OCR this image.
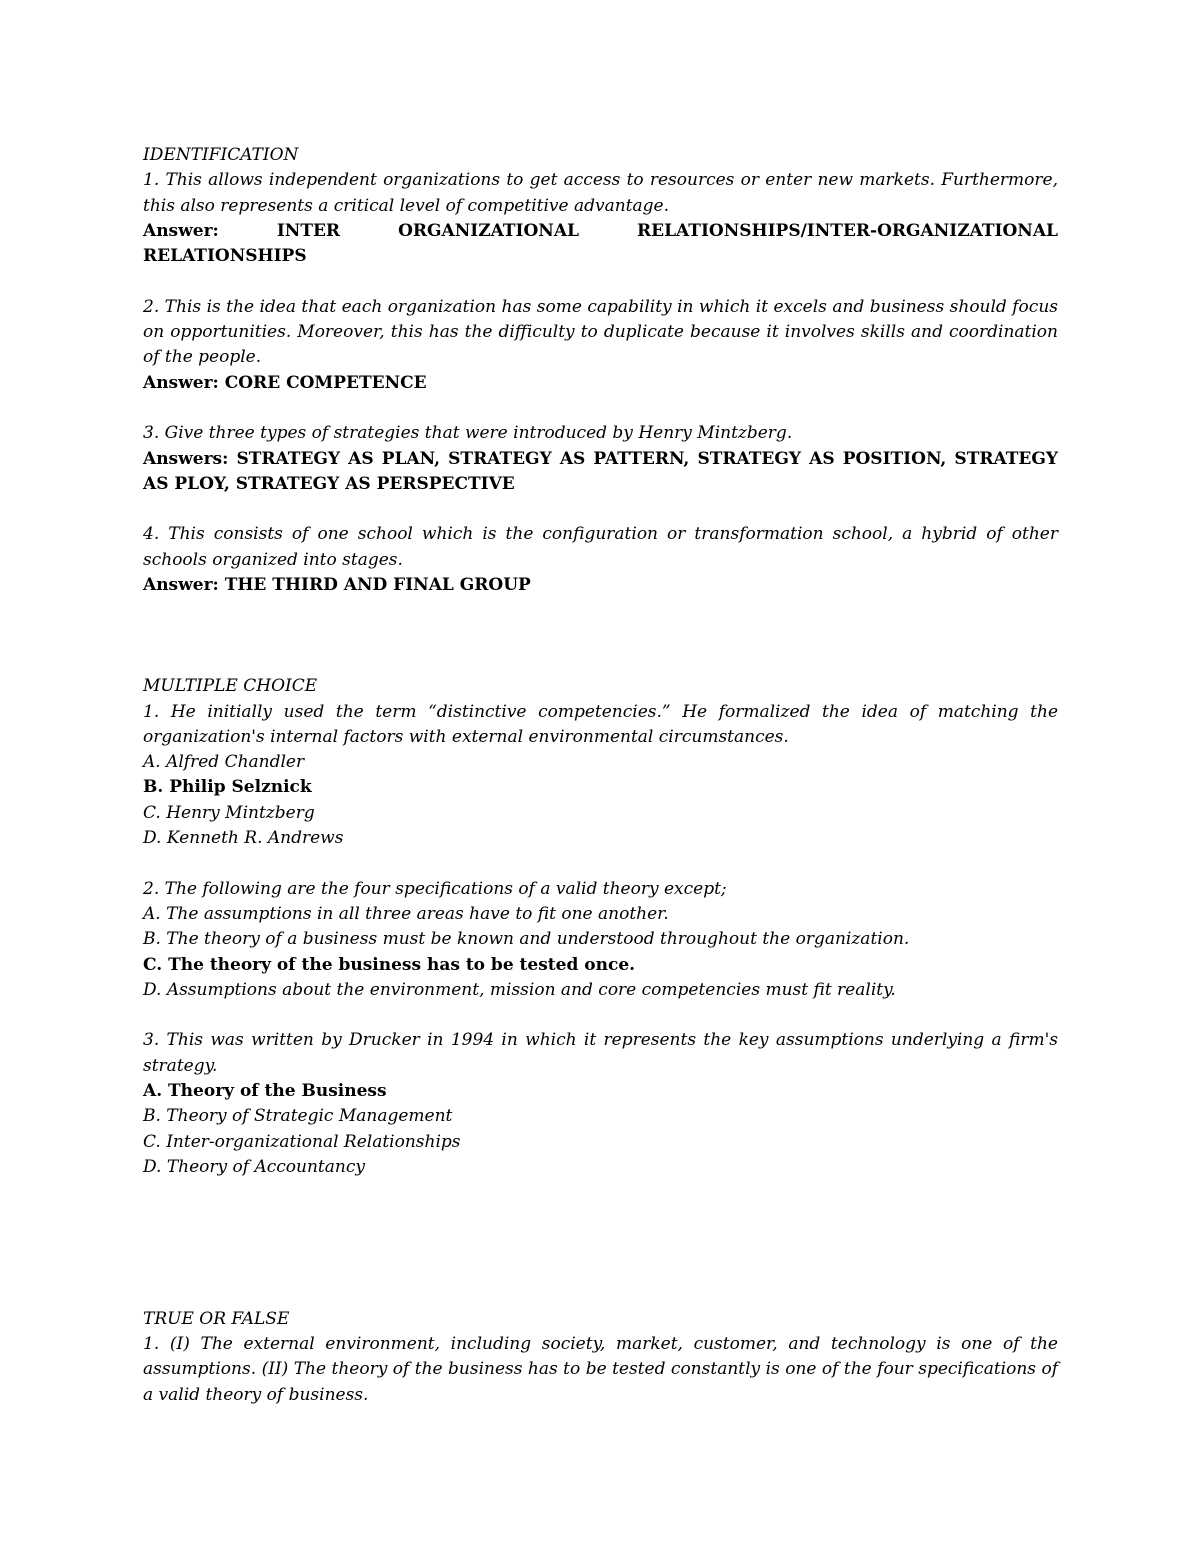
IDENTIFICATION

1. This allows independent organizations to get access to resources or enter new markets. Furthermore, this also represents a critical level of competitive advantage.

Answer: INTER ORGANIZATIONAL RELATIONSHIPS/INTER-ORGANIZATIONAL RELATIONSHIPS

2. This is the idea that each organization has some capability in which it excels and business should focus on opportunities. Moreover, this has the difficulty to duplicate because it involves skills and coordination of the people.

Answer: CORE COMPETENCE

3. Give three types of strategies that were introduced by Henry Mintzberg.

Answers: STRATEGY AS PLAN, STRATEGY AS PATTERN, STRATEGY AS POSITION, STRATEGY AS PLOY, STRATEGY AS PERSPECTIVE

4. This consists of one school which is the configuration or transformation school, a hybrid of other schools organized into stages.

Answer: THE THIRD AND FINAL GROUP

MULTIPLE CHOICE

1. He initially used the term “distinctive competencies.” He formalized the idea of matching the organization's internal factors with external environmental circumstances.

A. Alfred Chandler

B. Philip Selznick

C. Henry Mintzberg

D. Kenneth R. Andrews

2. The following are the four specifications of a valid theory except;

A. The assumptions in all three areas have to fit one another.

B. The theory of a business must be known and understood throughout the organization.

C. The theory of the business has to be tested once.

D. Assumptions about the environment, mission and core competencies must fit reality.

3. This was written by Drucker in 1994 in which it represents the key assumptions underlying a firm's strategy.

A. Theory of the Business

B. Theory of Strategic Management

C. Inter-organizational Relationships

D. Theory of Accountancy

TRUE OR FALSE

1. (I) The external environment, including society, market, customer, and technology is one of the assumptions. (II) The theory of the business has to be tested constantly is one of the four specifications of a valid theory of business.
